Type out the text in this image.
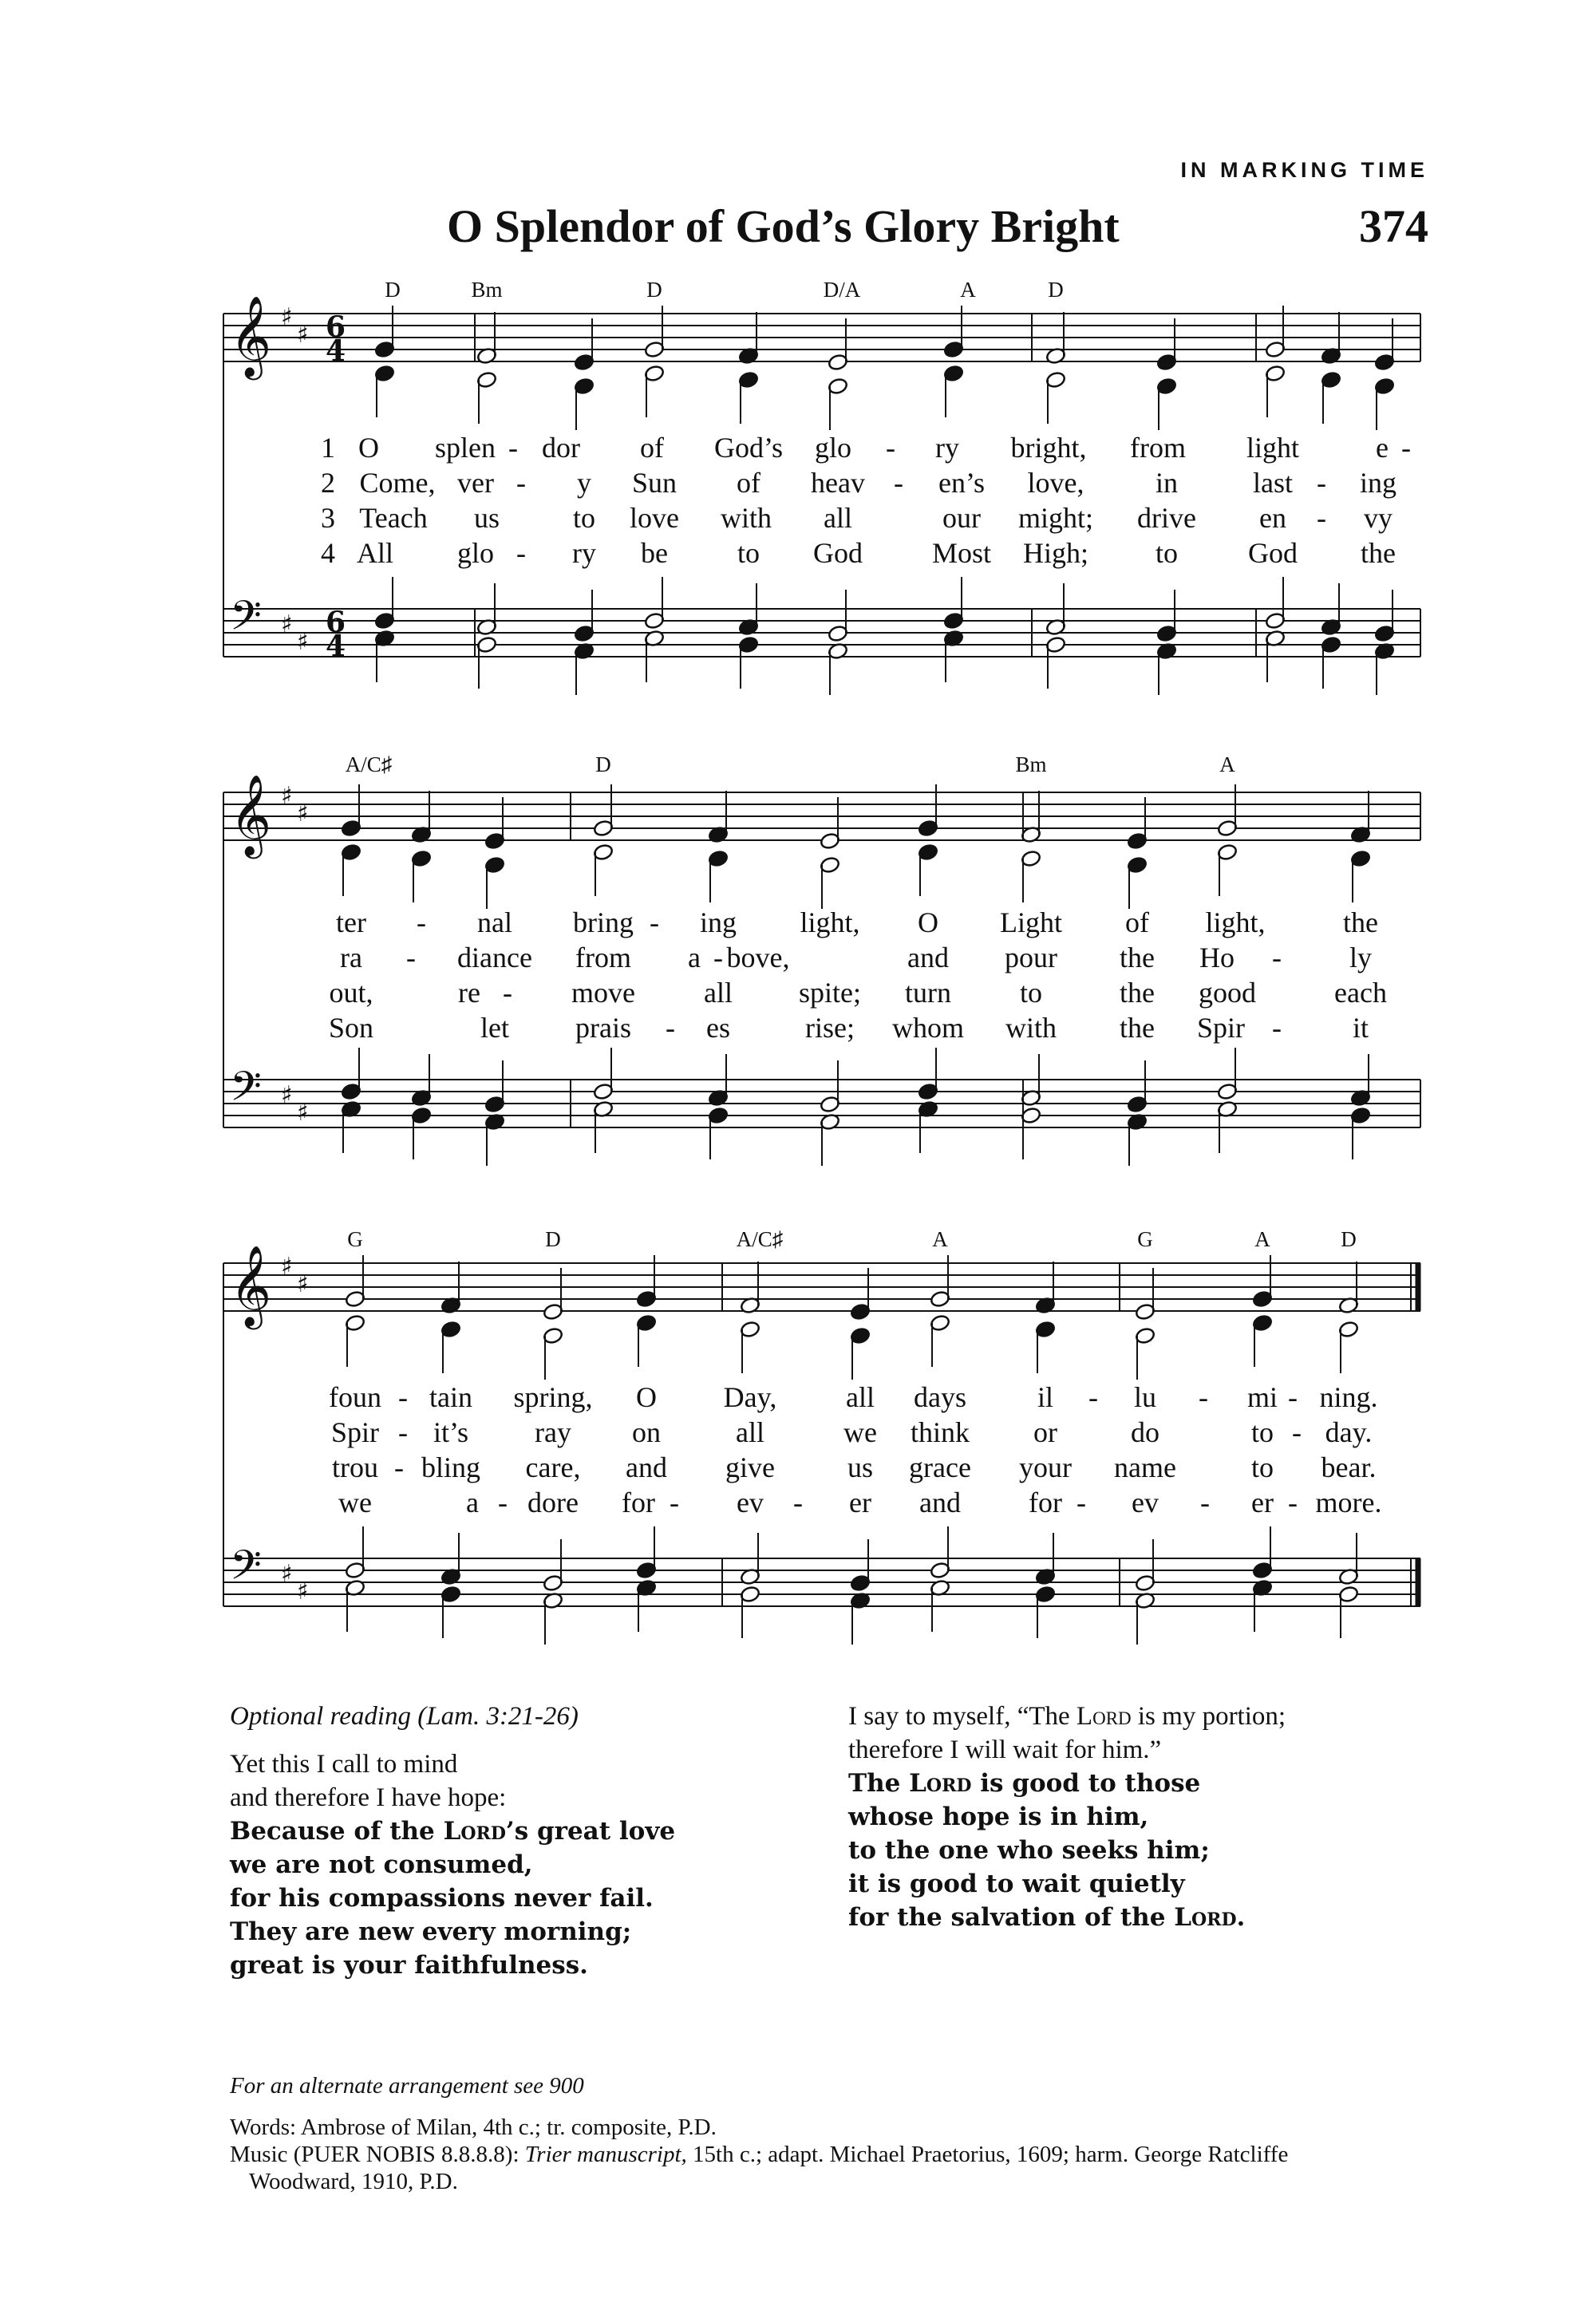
IN MARKING TIME
O Splendor of God’s Glory Bright	374
𝄞 ♯
♯ 6
4
𝄢 ♯
♯
6
4
D	Bm	D	D/A	A	D
1
2
3
4
O splen - dor of God’s glo - ry bright, from light	e -
Come, ver - y Sun of heav - en’s love, in	last - ing
Teach us	to love with all	our might; drive en - vy
All glo - ry be to God Most High; to God the
𝄞 ♯
♯
𝄢 ♯
♯
A/C♯	D	Bm	A
ter - nal bring - ing light, O Light of light,	the
ra - diance from a - bove,	and pour the Ho - ly
out,	re - move all spite; turn to	the good	each
Son	let prais - es	rise; whom with the Spir - it
𝄞 ♯
♯
𝄢 ♯
♯
G	D	A/C♯	A	G	A	D
foun - tain spring, O Day, all days il - lu - mi - ning.
Spir - it’s ray on	all	we think or	do	to - day.
trou - bling care, and give	us grace your name	to bear.
we	a - dore for - ev - er and for - ev - er - more.
Optional reading (Lam. 3:21-26)
Yet this I call to mind
and therefore I have hope:
Because of the Lord’s great love
we are not consumed,
for his compassions never fail.
They are new every morning;
great is your faithfulness.
I say to myself, “The Lord is my portion;
therefore I will wait for him.”
The Lord is good to those
whose hope is in him,
to the one who seeks him;
it is good to wait quietly
for the salvation of the Lord.
For an alternate arrangement see 900
Words: Ambrose of Milan, 4th c.; tr. composite, P.D.
Music (PUER NOBIS 8.8.8.8): Trier manuscript, 15th c.; adapt. Michael Praetorius, 1609; harm. George Ratcliffe
Woodward, 1910, P.D.
